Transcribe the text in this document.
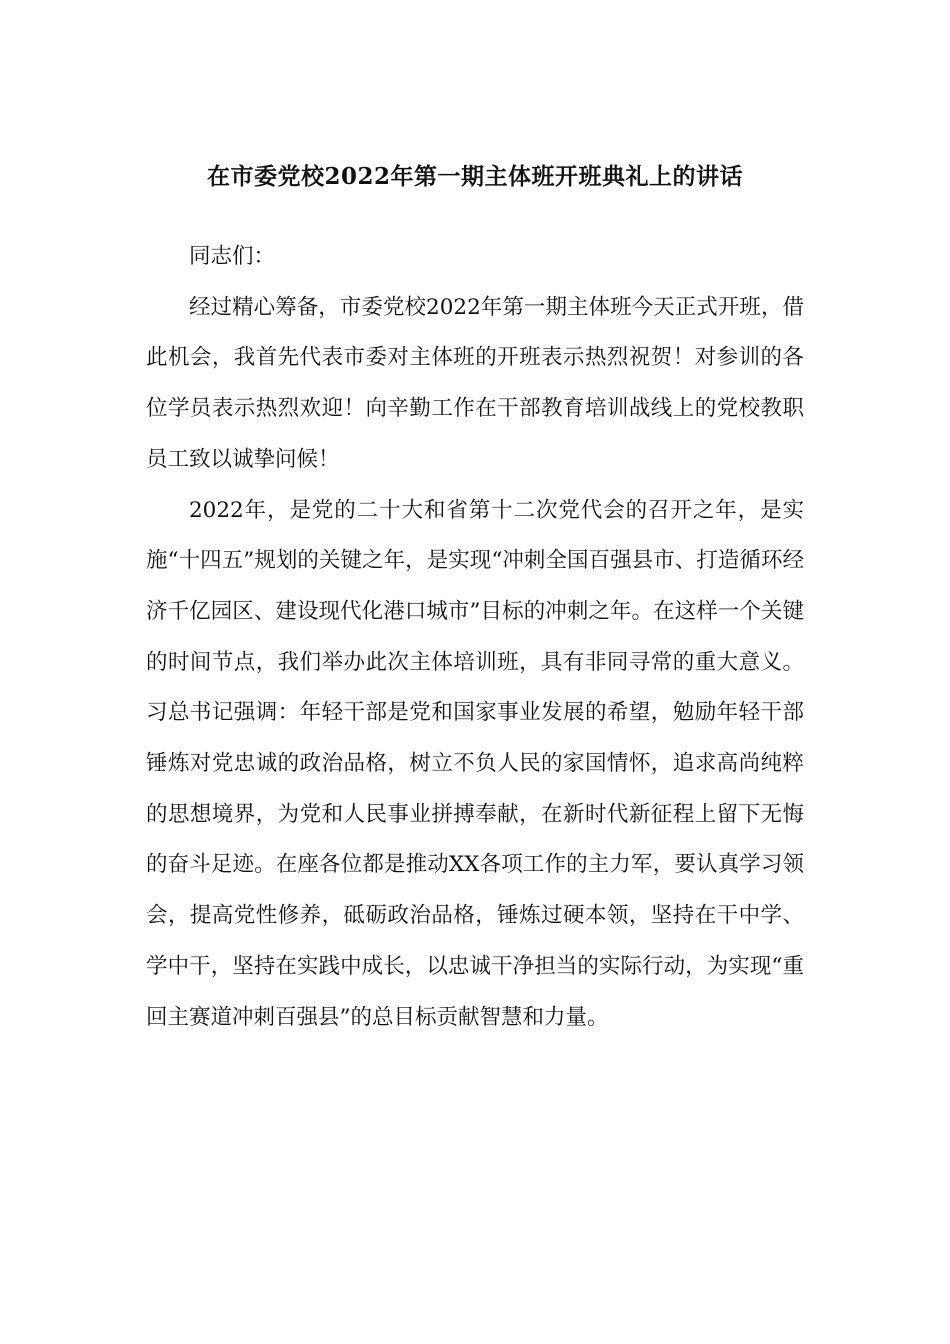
在市委党校2022年第一期主体班开班典礼上的讲话

同志们：

经过精心筹备，市委党校2022年第一期主体班今天正式开班，借此机会，我首先代表市委对主体班的开班表示热烈祝贺！对参训的各位学员表示热烈欢迎！向辛勤工作在干部教育培训战线上的党校教职员工致以诚挚问候！

2022年，是党的二十大和省第十二次党代会的召开之年，是实施“十四五”规划的关键之年，是实现“冲刺全国百强县市、打造循环经济千亿园区、建设现代化港口城市”目标的冲刺之年。在这样一个关键的时间节点，我们举办此次主体培训班，具有非同寻常的重大意义。习总书记强调：年轻干部是党和国家事业发展的希望，勉励年轻干部锤炼对党忠诚的政治品格，树立不负人民的家国情怀，追求高尚纯粹的思想境界，为党和人民事业拼搏奉献，在新时代新征程上留下无悔的奋斗足迹。在座各位都是推动XX各项工作的主力军，要认真学习领会，提高党性修养，砥砺政治品格，锤炼过硬本领，坚持在干中学、学中干，坚持在实践中成长，以忠诚干净担当的实际行动，为实现“重回主赛道冲刺百强县”的总目标贡献智慧和力量。
